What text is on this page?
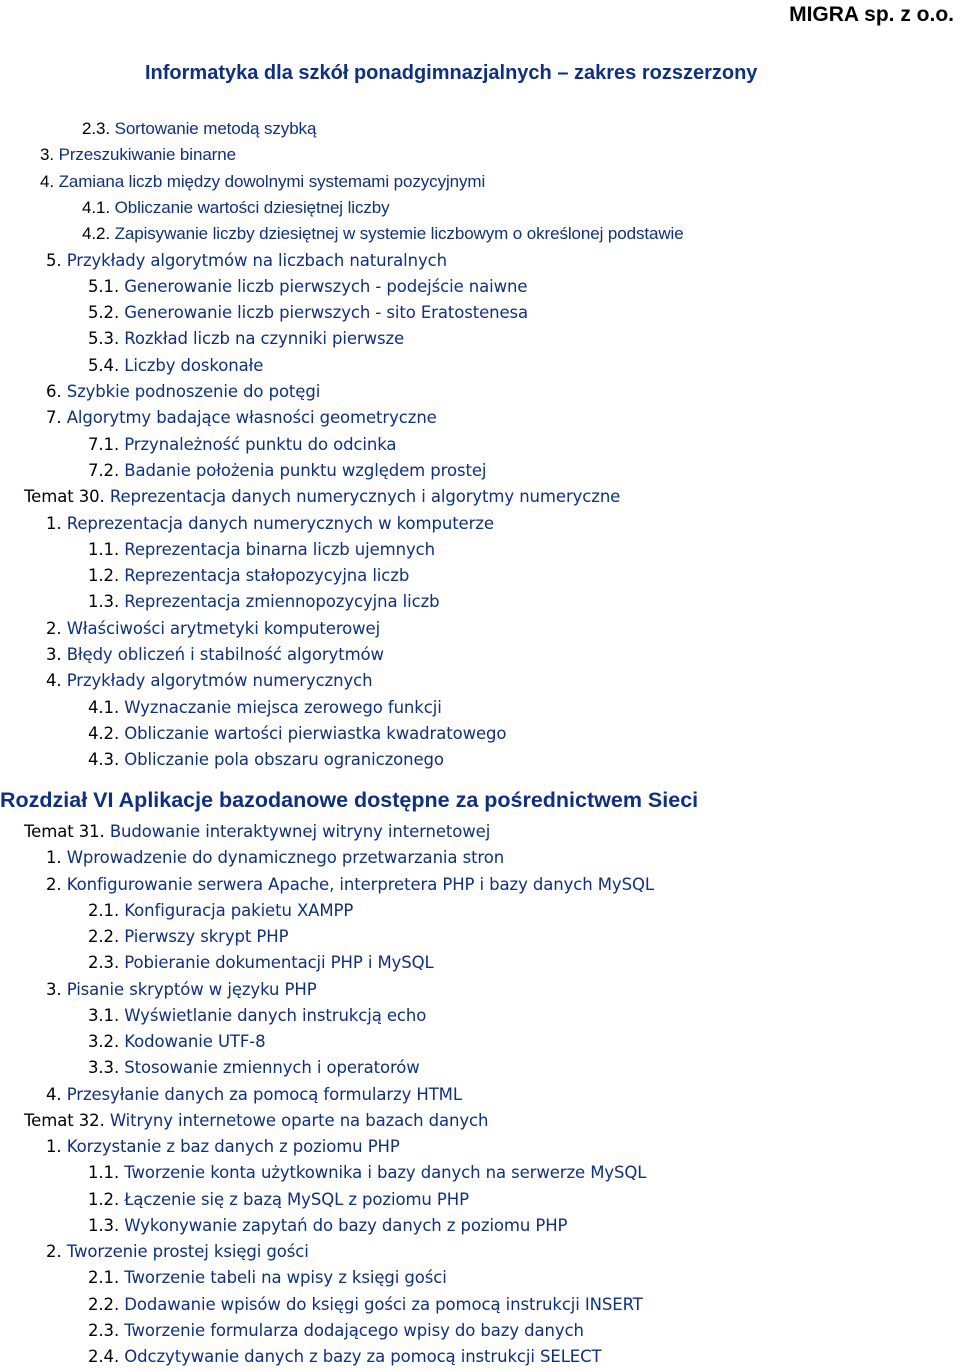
MIGRA sp. z o.o.
Informatyka dla szkół ponadgimnazjalnych – zakres rozszerzony
2.3. Sortowanie metodą szybką
3. Przeszukiwanie binarne
4. Zamiana liczb między dowolnymi systemami pozycyjnymi
4.1. Obliczanie wartości dziesiętnej liczby
4.2. Zapisywanie liczby dziesiętnej w systemie liczbowym o określonej podstawie
5. Przykłady algorytmów na liczbach naturalnych
5.1. Generowanie liczb pierwszych - podejście naiwne
5.2. Generowanie liczb pierwszych - sito Eratostenesa
5.3. Rozkład liczb na czynniki pierwsze
5.4. Liczby doskonałe
6. Szybkie podnoszenie do potęgi
7. Algorytmy badające własności geometryczne
7.1. Przynależność punktu do odcinka
7.2. Badanie położenia punktu względem prostej
Temat 30. Reprezentacja danych numerycznych i algorytmy numeryczne
1. Reprezentacja danych numerycznych w komputerze
1.1. Reprezentacja binarna liczb ujemnych
1.2. Reprezentacja stałopozycyjna liczb
1.3. Reprezentacja zmiennopozycyjna liczb
2. Właściwości arytmetyki komputerowej
3. Błędy obliczeń i stabilność algorytmów
4. Przykłady algorytmów numerycznych
4.1. Wyznaczanie miejsca zerowego funkcji
4.2. Obliczanie wartości pierwiastka kwadratowego
4.3. Obliczanie pola obszaru ograniczonego
Rozdział VI Aplikacje bazodanowe dostępne za pośrednictwem Sieci
Temat 31. Budowanie interaktywnej witryny internetowej
1. Wprowadzenie do dynamicznego przetwarzania stron
2. Konfigurowanie serwera Apache, interpretera PHP i bazy danych MySQL
2.1. Konfiguracja pakietu XAMPP
2.2. Pierwszy skrypt PHP
2.3. Pobieranie dokumentacji PHP i MySQL
3. Pisanie skryptów w języku PHP
3.1. Wyświetlanie danych instrukcją echo
3.2. Kodowanie UTF-8
3.3. Stosowanie zmiennych i operatorów
4. Przesyłanie danych za pomocą formularzy HTML
Temat 32. Witryny internetowe oparte na bazach danych
1. Korzystanie z baz danych z poziomu PHP
1.1. Tworzenie konta użytkownika i bazy danych na serwerze MySQL
1.2. Łączenie się z bazą MySQL z poziomu PHP
1.3. Wykonywanie zapytań do bazy danych z poziomu PHP
2. Tworzenie prostej księgi gości
2.1. Tworzenie tabeli na wpisy z księgi gości
2.2. Dodawanie wpisów do księgi gości za pomocą instrukcji INSERT
2.3. Tworzenie formularza dodającego wpisy do bazy danych
2.4. Odczytywanie danych z bazy za pomocą instrukcji SELECT
